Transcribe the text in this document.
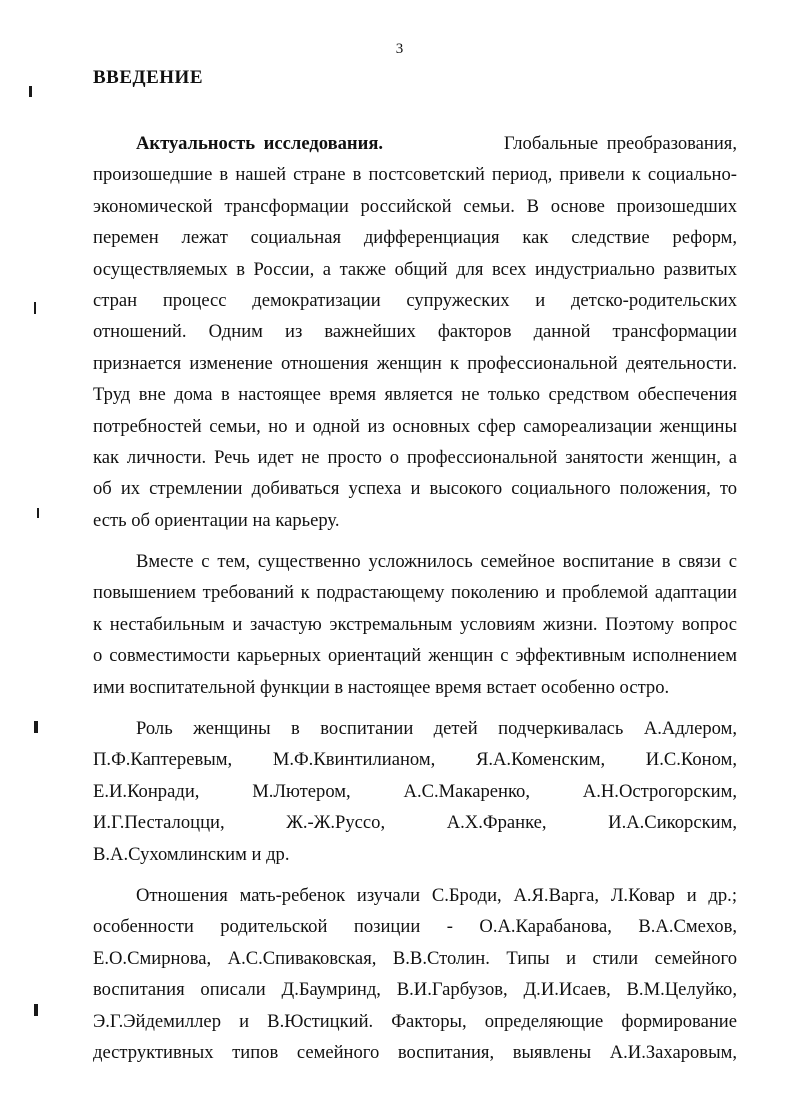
3
ВВЕДЕНИЕ
Актуальность исследования.	Глобальные преобразования,
произошедшие в нашей стране в постсоветский период, привели к социально-
экономической трансформации российской семьи. В основе произошедших
перемен лежат социальная дифференциация как следствие реформ,
осуществляемых в России, а также общий для всех индустриально развитых
стран процесс демократизации супружеских и детско-родительских
отношений. Одним из важнейших факторов данной трансформации
признается изменение отношения женщин к профессиональной деятельности.
Труд вне дома в настоящее время является не только средством обеспечения
потребностей семьи, но и одной из основных сфер самореализации женщины
как личности. Речь идет не просто о профессиональной занятости женщин, а
об их стремлении добиваться успеха и высокого социального положения, то
есть об ориентации на карьеру.
Вместе с тем, существенно усложнилось семейное воспитание в связи с
повышением требований к подрастающему поколению и проблемой адаптации
к нестабильным и зачастую экстремальным условиям жизни. Поэтому вопрос
о совместимости карьерных ориентаций женщин с эффективным исполнением
ими воспитательной функции в настоящее время встает особенно остро.
Роль женщины в воспитании детей подчеркивалась А.Адлером,
П.Ф.Каптеревым, М.Ф.Квинтилианом, Я.А.Коменским, И.С.Коном,
Е.И.Конради, М.Лютером, А.С.Макаренко, А.Н.Острогорским,
И.Г.Песталоцци, Ж.-Ж.Руссо, А.Х.Франке, И.А.Сикорским,
В.А.Сухомлинским и др.
Отношения мать-ребенок изучали С.Броди, А.Я.Варга, Л.Ковар и др.;
особенности родительской позиции - О.А.Карабанова, В.А.Смехов,
Е.О.Смирнова, А.С.Спиваковская, В.В.Столин. Типы и стили семейного
воспитания описали Д.Баумринд, В.И.Гарбузов, Д.И.Исаев, В.М.Целуйко,
Э.Г.Эйдемиллер и В.Юстицкий. Факторы, определяющие формирование
деструктивных типов семейного воспитания, выявлены А.И.Захаровым,
